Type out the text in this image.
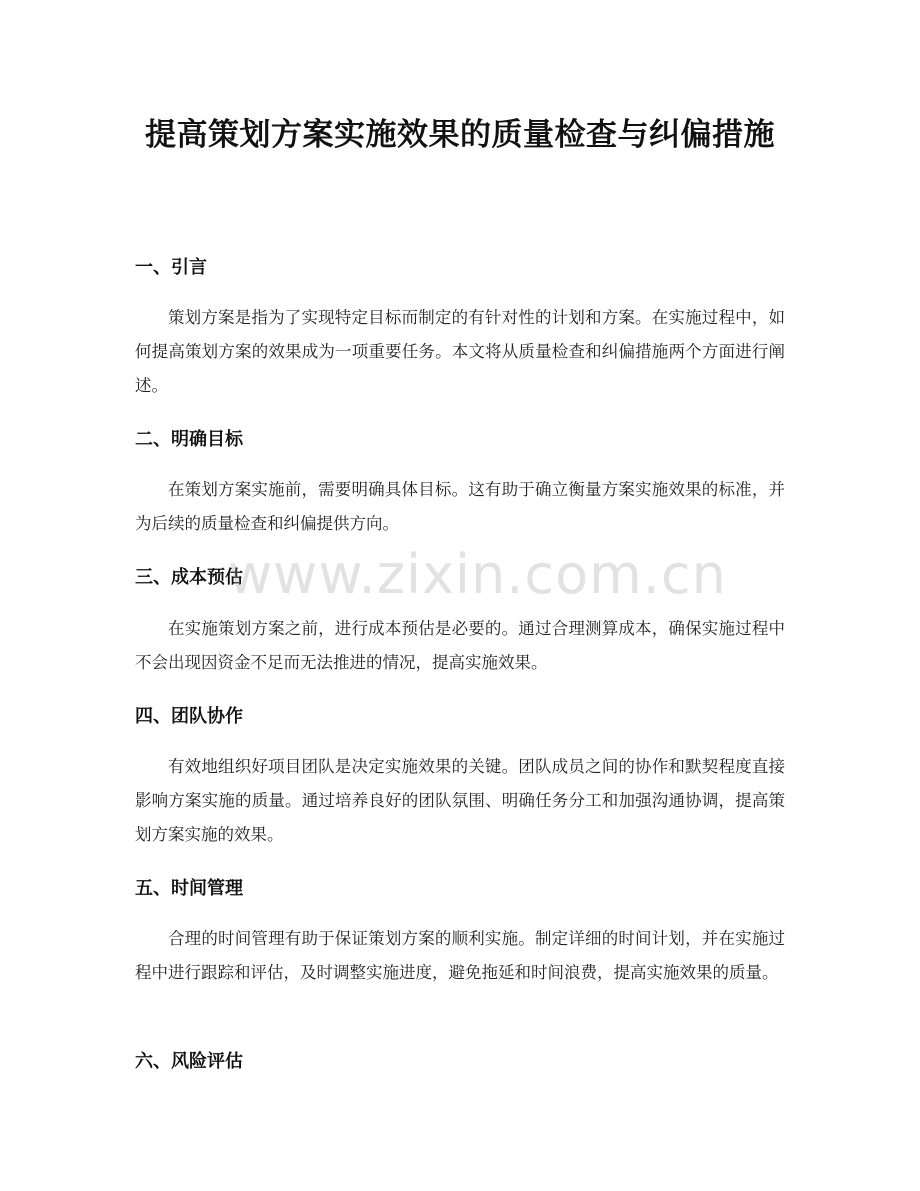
提高策划方案实施效果的质量检查与纠偏措施
一、引言

策划方案是指为了实现特定目标而制定的有针对性的计划和方案。在实施过程中，如何提高策划方案的效果成为一项重要任务。本文将从质量检查和纠偏措施两个方面进行阐述。

二、明确目标

在策划方案实施前，需要明确具体目标。这有助于确立衡量方案实施效果的标准，并为后续的质量检查和纠偏提供方向。

三、成本预估

在实施策划方案之前，进行成本预估是必要的。通过合理测算成本，确保实施过程中不会出现因资金不足而无法推进的情况，提高实施效果。

四、团队协作

有效地组织好项目团队是决定实施效果的关键。团队成员之间的协作和默契程度直接影响方案实施的质量。通过培养良好的团队氛围、明确任务分工和加强沟通协调，提高策划方案实施的效果。

五、时间管理

合理的时间管理有助于保证策划方案的顺利实施。制定详细的时间计划，并在实施过程中进行跟踪和评估，及时调整实施进度，避免拖延和时间浪费，提高实施效果的质量。

六、风险评估
www.zixin.com.cn
